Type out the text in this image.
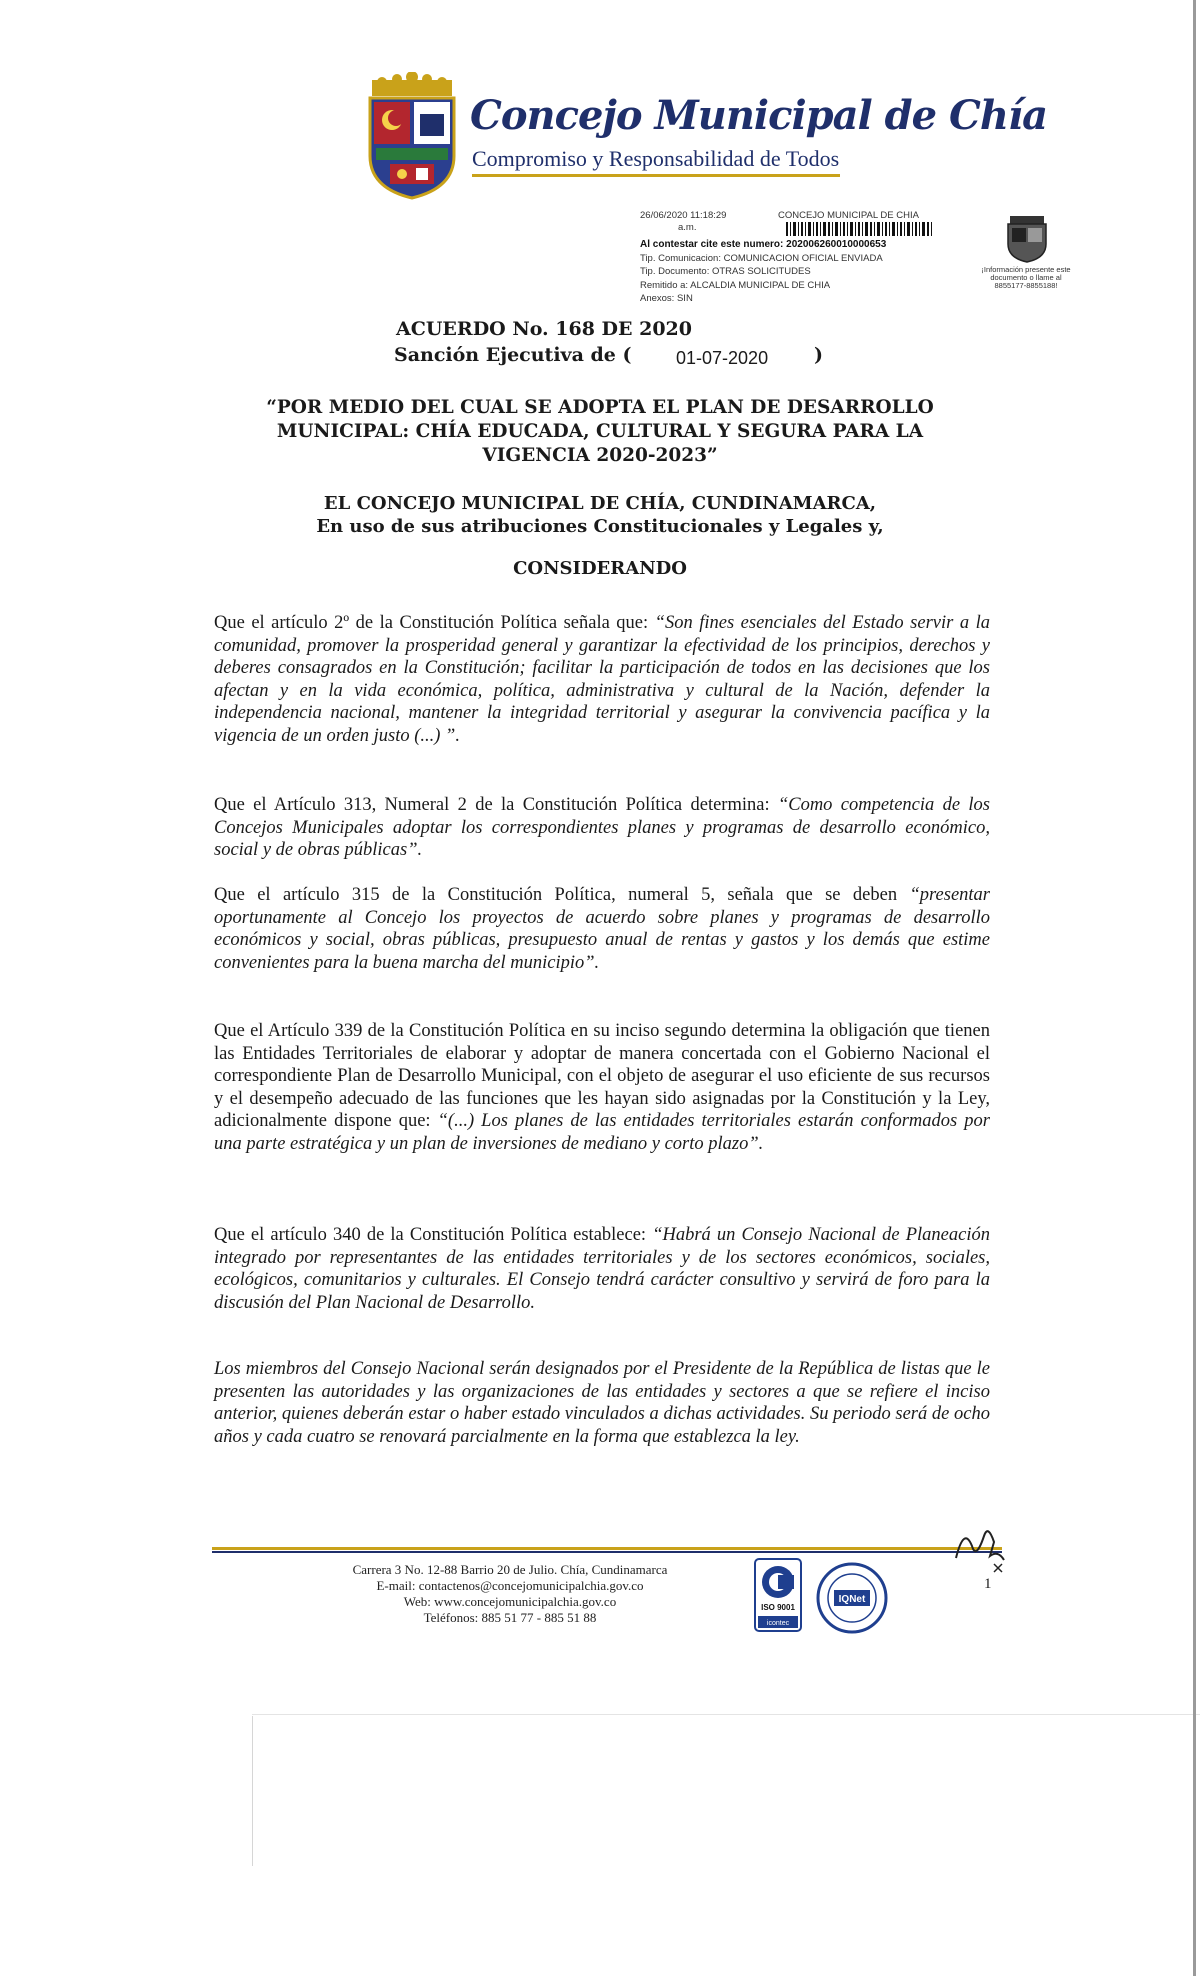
Concejo Municipal de Chía
Compromiso y Responsabilidad de Todos
26/06/2020 11:18:29
a.m.
CONCEJO MUNICIPAL DE CHIA
Al contestar cite este numero: 202006260010000653
Tip. Comunicacion: COMUNICACION OFICIAL ENVIADA
Tip. Documento: OTRAS SOLICITUDES
Remitido a: ALCALDIA MUNICIPAL DE CHIA
Anexos: SIN
¡Información presente este documento o llame al 8855177-8855188!
ACUERDO No. 168 DE 2020
Sanción Ejecutiva de ( 01-07-2020 )
“POR MEDIO DEL CUAL SE ADOPTA EL PLAN DE DESARROLLO
MUNICIPAL: CHÍA EDUCADA, CULTURAL Y SEGURA PARA LA
VIGENCIA 2020-2023”
EL CONCEJO MUNICIPAL DE CHÍA, CUNDINAMARCA,
En uso de sus atribuciones Constitucionales y Legales y,
CONSIDERANDO
Que el artículo 2º de la Constitución Política señala que: “Son fines esenciales del Estado servir a la comunidad, promover la prosperidad general y garantizar la efectividad de los principios, derechos y deberes consagrados en la Constitución; facilitar la participación de todos en las decisiones que los afectan y en la vida económica, política, administrativa y cultural de la Nación, defender la independencia nacional, mantener la integridad territorial y asegurar la convivencia pacífica y la vigencia de un orden justo (...) ”.
Que el Artículo 313, Numeral 2 de la Constitución Política determina: “Como competencia de los Concejos Municipales adoptar los correspondientes planes y programas de desarrollo económico, social y de obras públicas”.
Que el artículo 315 de la Constitución Política, numeral 5, señala que se deben “presentar oportunamente al Concejo los proyectos de acuerdo sobre planes y programas de desarrollo económicos y social, obras públicas, presupuesto anual de rentas y gastos y los demás que estime convenientes para la buena marcha del municipio”.
Que el Artículo 339 de la Constitución Política en su inciso segundo determina la obligación que tienen las Entidades Territoriales de elaborar y adoptar de manera concertada con el Gobierno Nacional el correspondiente Plan de Desarrollo Municipal, con el objeto de asegurar el uso eficiente de sus recursos y el desempeño adecuado de las funciones que les hayan sido asignadas por la Constitución y la Ley, adicionalmente dispone que: “(...) Los planes de las entidades territoriales estarán conformados por una parte estratégica y un plan de inversiones de mediano y corto plazo”.
Que el artículo 340 de la Constitución Política establece: “Habrá un Consejo Nacional de Planeación integrado por representantes de las entidades territoriales y de los sectores económicos, sociales, ecológicos, comunitarios y culturales. El Consejo tendrá carácter consultivo y servirá de foro para la discusión del Plan Nacional de Desarrollo.
Los miembros del Consejo Nacional serán designados por el Presidente de la República de listas que le presenten las autoridades y las organizaciones de las entidades y sectores a que se refiere el inciso anterior, quienes deberán estar o haber estado vinculados a dichas actividades. Su periodo será de ocho años y cada cuatro se renovará parcialmente en la forma que establezca la ley.
Carrera 3 No. 12-88 Barrio 20 de Julio. Chía, Cundinamarca
E-mail: contactenos@concejomunicipalchia.gov.co
Web: www.concejomunicipalchia.gov.co
Teléfonos: 885 51 77 - 885 51 88
ISO 9001
icontec
IQNet
1
